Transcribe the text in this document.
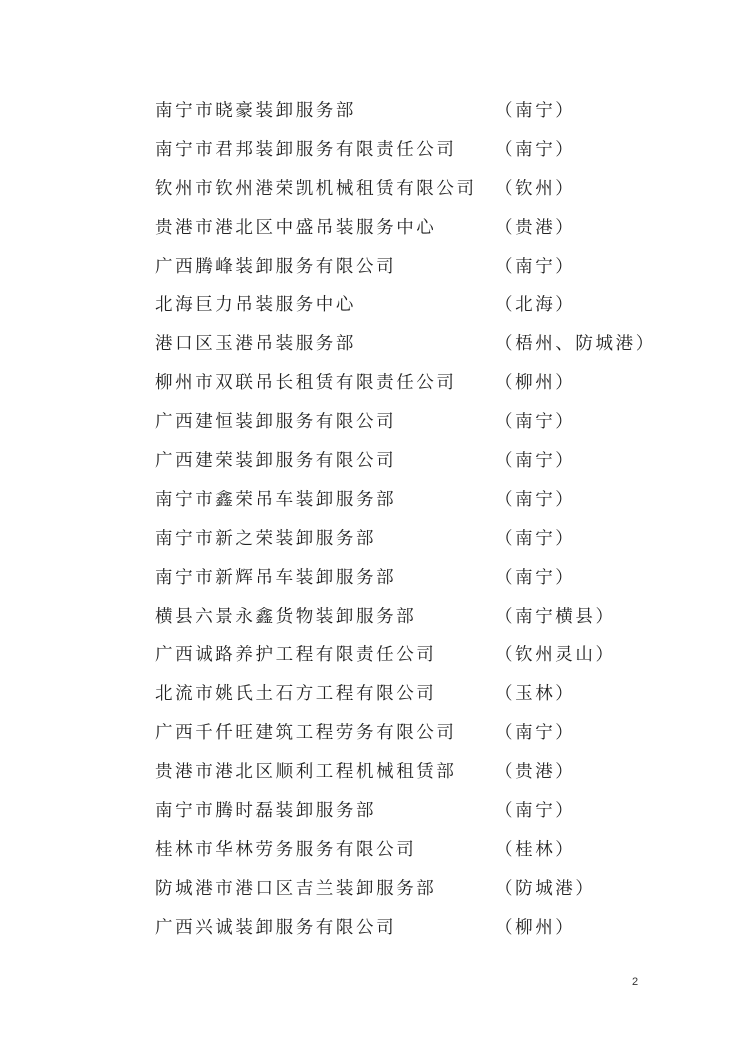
南宁市晓豪装卸服务部	（南宁）
南宁市君邦装卸服务有限责任公司 （南宁）
钦州市钦州港荣凯机械租赁有限公司 （钦州）
贵港市港北区中盛吊装服务中心	（贵港）
广西腾峰装卸服务有限公司	（南宁）
北海巨力吊装服务中心	（北海）
港口区玉港吊装服务部	（梧州、防城港）
柳州市双联吊长租赁有限责任公司 （柳州）
广西建恒装卸服务有限公司	（南宁）
广西建荣装卸服务有限公司	（南宁）
南宁市鑫荣吊车装卸服务部	（南宁）
南宁市新之荣装卸服务部	（南宁）
南宁市新辉吊车装卸服务部	（南宁）
横县六景永鑫货物装卸服务部	（南宁横县）
广西诚路养护工程有限责任公司	（钦州灵山）
北流市姚氏土石方工程有限公司	（玉林）
广西千仟旺建筑工程劳务有限公司 （南宁）
贵港市港北区顺利工程机械租赁部 （贵港）
南宁市腾时磊装卸服务部	（南宁）
桂林市华林劳务服务有限公司	（桂林）
防城港市港口区吉兰装卸服务部	（防城港）
广西兴诚装卸服务有限公司	（柳州）
2
